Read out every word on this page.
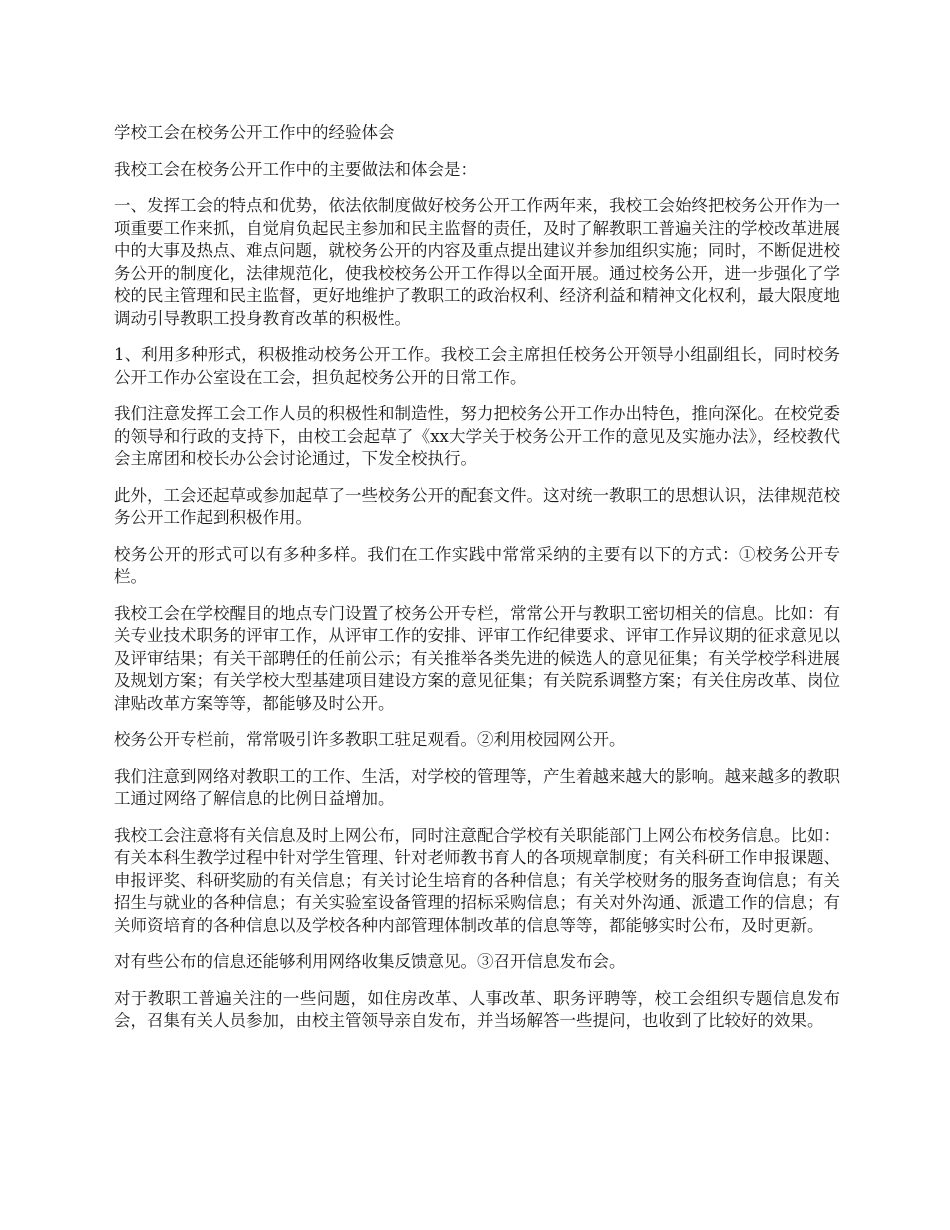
学校工会在校务公开工作中的经验体会

我校工会在校务公开工作中的主要做法和体会是：

一、发挥工会的特点和优势，依法依制度做好校务公开工作两年来，我校工会始终把校务公开作为一项重要工作来抓，自觉肩负起民主参加和民主监督的责任，及时了解教职工普遍关注的学校改革进展中的大事及热点、难点问题，就校务公开的内容及重点提出建议并参加组织实施；同时，不断促进校务公开的制度化，法律规范化，使我校校务公开工作得以全面开展。通过校务公开，进一步强化了学校的民主管理和民主监督，更好地维护了教职工的政治权利、经济利益和精神文化权利，最大限度地调动引导教职工投身教育改革的积极性。

1、利用多种形式，积极推动校务公开工作。我校工会主席担任校务公开领导小组副组长，同时校务公开工作办公室设在工会，担负起校务公开的日常工作。

我们注意发挥工会工作人员的积极性和制造性，努力把校务公开工作办出特色，推向深化。在校党委的领导和行政的支持下，由校工会起草了《xx大学关于校务公开工作的意见及实施办法》，经校教代会主席团和校长办公会讨论通过，下发全校执行。

此外，工会还起草或参加起草了一些校务公开的配套文件。这对统一教职工的思想认识，法律规范校务公开工作起到积极作用。

校务公开的形式可以有多种多样。我们在工作实践中常常采纳的主要有以下的方式：①校务公开专栏。

我校工会在学校醒目的地点专门设置了校务公开专栏，常常公开与教职工密切相关的信息。比如：有关专业技术职务的评审工作，从评审工作的安排、评审工作纪律要求、评审工作异议期的征求意见以及评审结果；有关干部聘任的任前公示；有关推举各类先进的候选人的意见征集；有关学校学科进展及规划方案；有关学校大型基建项目建设方案的意见征集；有关院系调整方案；有关住房改革、岗位津贴改革方案等等，都能够及时公开。

校务公开专栏前，常常吸引许多教职工驻足观看。②利用校园网公开。

我们注意到网络对教职工的工作、生活，对学校的管理等，产生着越来越大的影响。越来越多的教职工通过网络了解信息的比例日益增加。

我校工会注意将有关信息及时上网公布，同时注意配合学校有关职能部门上网公布校务信息。比如：有关本科生教学过程中针对学生管理、针对老师教书育人的各项规章制度；有关科研工作申报课题、申报评奖、科研奖励的有关信息；有关讨论生培育的各种信息；有关学校财务的服务查询信息；有关招生与就业的各种信息；有关实验室设备管理的招标采购信息；有关对外沟通、派遣工作的信息；有关师资培育的各种信息以及学校各种内部管理体制改革的信息等等，都能够实时公布，及时更新。

对有些公布的信息还能够利用网络收集反馈意见。③召开信息发布会。

对于教职工普遍关注的一些问题，如住房改革、人事改革、职务评聘等，校工会组织专题信息发布会，召集有关人员参加，由校主管领导亲自发布，并当场解答一些提问，也收到了比较好的效果。
